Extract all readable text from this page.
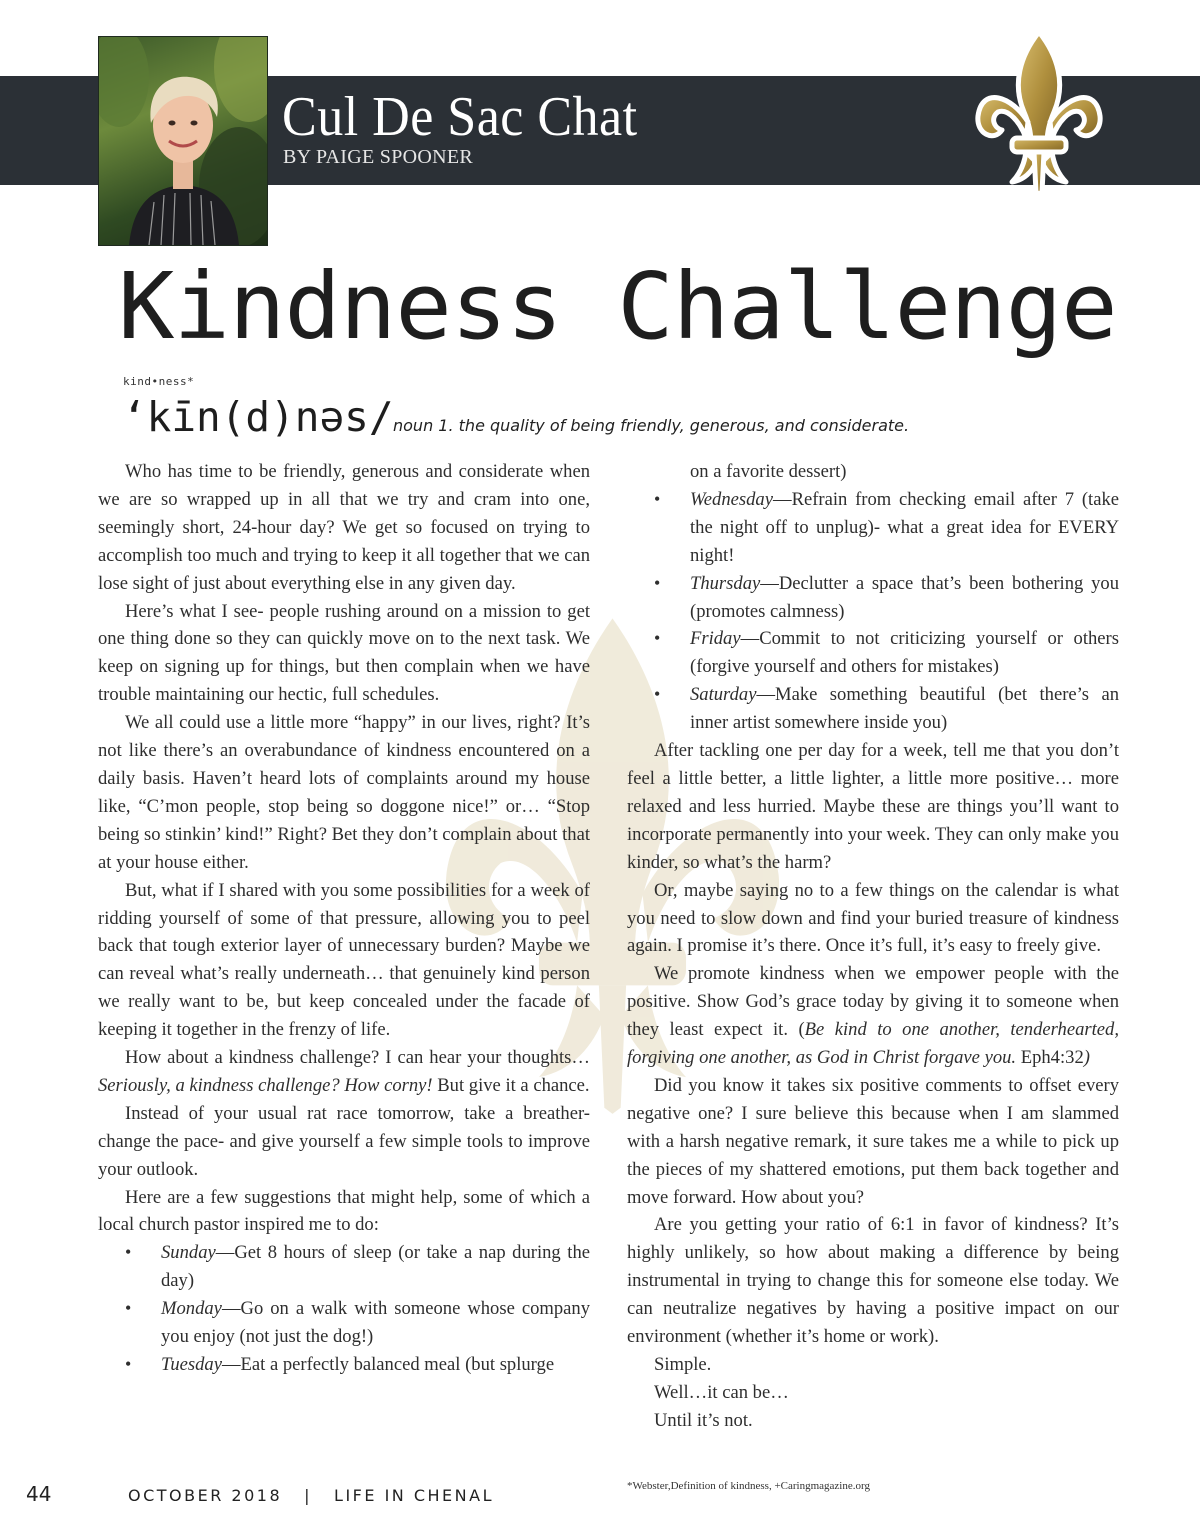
Cul De Sac Chat
BY PAIGE SPOONER
Kindness Challenge
kind•ness*
‘kīn(d)nəs/ noun 1. the quality of being friendly, generous, and considerate.

Who has time to be friendly, generous and considerate when we are so wrapped up in all that we try and cram into one, seemingly short, 24-hour day? We get so focused on trying to accomplish too much and trying to keep it all together that we can lose sight of just about everything else in any given day.

Here’s what I see- people rushing around on a mission to get one thing done so they can quickly move on to the next task. We keep on signing up for things, but then complain when we have trouble maintaining our hectic, full schedules.

We all could use a little more “happy” in our lives, right? It’s not like there’s an overabundance of kindness encountered on a daily basis. Haven’t heard lots of complaints around my house like, “C’mon people, stop being so doggone nice!” or… “Stop being so stinkin’ kind!” Right? Bet they don’t complain about that at your house either.

But, what if I shared with you some possibilities for a week of ridding yourself of some of that pressure, allowing you to peel back that tough exterior layer of unnecessary burden? Maybe we can reveal what’s really underneath… that genuinely kind person we really want to be, but keep concealed under the facade of keeping it together in the frenzy of life.

How about a kindness challenge? I can hear your thoughts… Seriously, a kindness challenge? How corny! But give it a chance.

Instead of your usual rat race tomorrow, take a breather- change the pace- and give yourself a few simple tools to improve your outlook.

Here are a few suggestions that might help, some of which a local church pastor inspired me to do:

• Sunday—Get 8 hours of sleep (or take a nap during the day)
• Monday—Go on a walk with someone whose company you enjoy (not just the dog!)
• Tuesday—Eat a perfectly balanced meal (but splurge
on a favorite dessert)
• Wednesday—Refrain from checking email after 7 (take the night off to unplug)- what a great idea for EVERY night!
• Thursday—Declutter a space that’s been bothering you (promotes calmness)
• Friday—Commit to not criticizing yourself or others (forgive yourself and others for mistakes)
• Saturday—Make something beautiful (bet there’s an inner artist somewhere inside you)

After tackling one per day for a week, tell me that you don’t feel a little better, a little lighter, a little more positive… more relaxed and less hurried. Maybe these are things you’ll want to incorporate permanently into your week. They can only make you kinder, so what’s the harm?

Or, maybe saying no to a few things on the calendar is what you need to slow down and find your buried treasure of kindness again. I promise it’s there. Once it’s full, it’s easy to freely give.

We promote kindness when we empower people with the positive. Show God’s grace today by giving it to someone when they least expect it. (Be kind to one another, tenderhearted, forgiving one another, as God in Christ forgave you. Eph4:32)

Did you know it takes six positive comments to offset every negative one? I sure believe this because when I am slammed with a harsh negative remark, it sure takes me a while to pick up the pieces of my shattered emotions, put them back together and move forward. How about you?

Are you getting your ratio of 6:1 in favor of kindness? It’s highly unlikely, so how about making a difference by being instrumental in trying to change this for someone else today. We can neutralize negatives by having a positive impact on our environment (whether it’s home or work).

Simple.

Well…it can be…

Until it’s not.

44	OCTOBER 2018 | LIFE IN CHENAL	*Webster,Definition of kindness, +Caringmagazine.org
